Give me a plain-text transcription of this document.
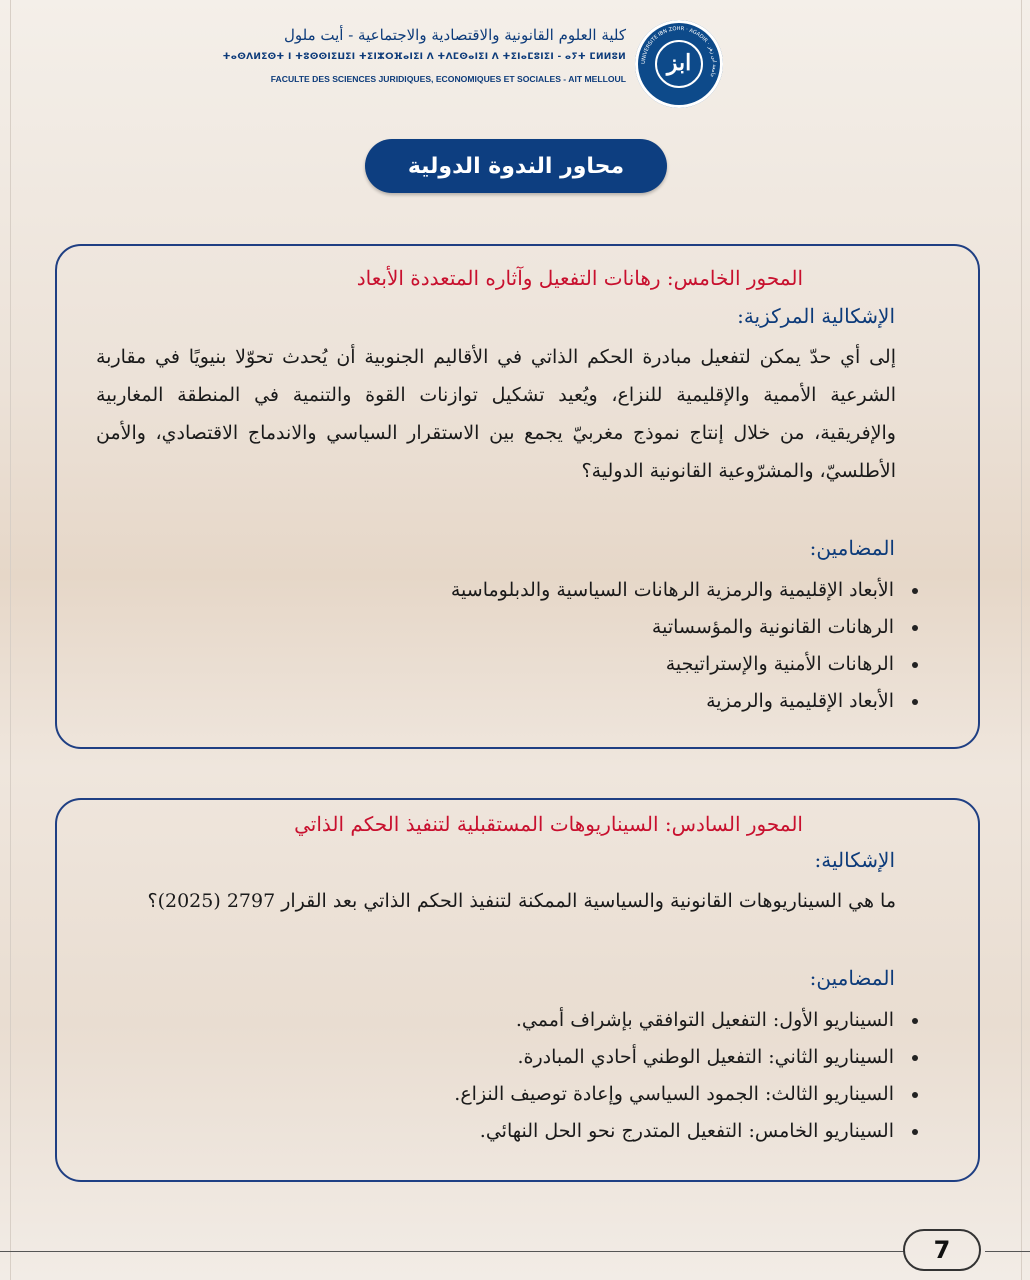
كلية العلوم القانونية والاقتصادية والاجتماعية - أيت ملول
ⵜⴰⵙⴷⵍⵉⵙⵜ ⵏ ⵜⵓⵙⵙⵏⵉⵡⵉⵏ ⵜⵉⵏⵣⵔⴼⴰⵏⵉⵏ ⴷ ⵜⴷⵎⵙⴰⵏⵉⵏ ⴷ ⵜⵉⵏⴰⵎⵓⵏⵉⵏ - ⴰⵢⵜ ⵎⵍⵍⵓⵍ
FACULTE DES SCIENCES JURIDIQUES, ECONOMIQUES ET SOCIALES - AIT MELLOUL
UNIVERSITE IBN ZOHR · AGADIR · جامعة ابن زهر
ابز
محاور الندوة الدولية
المحور الخامس: رهانات التفعيل وآثاره المتعددة الأبعاد
الإشكالية المركزية:
إلى أي حدّ يمكن لتفعيل مبادرة الحكم الذاتي في الأقاليم الجنوبية أن يُحدث تحوّلا بنيويًا في مقاربة الشرعية الأممية والإقليمية للنزاع، ويُعيد تشكيل توازنات القوة والتنمية في المنطقة المغاربية والإفريقية، من خلال إنتاج نموذج مغربيّ يجمع بين الاستقرار السياسي والاندماج الاقتصادي، والأمن الأطلسيّ، والمشرّوعية القانونية الدولية؟
المضامين:
الأبعاد الإقليمية والرمزية الرهانات السياسية والدبلوماسية
الرهانات القانونية والمؤسساتية
الرهانات الأمنية والإستراتيجية
الأبعاد الإقليمية والرمزية
المحور السادس: السيناريوهات المستقبلية لتنفيذ الحكم الذاتي
الإشكالية:
ما هي السيناريوهات القانونية والسياسية الممكنة لتنفيذ الحكم الذاتي بعد القرار 2797 (2025)؟
المضامين:
السيناريو الأول: التفعيل التوافقي بإشراف أممي.
السيناريو الثاني: التفعيل الوطني أحادي المبادرة.
السيناريو الثالث: الجمود السياسي وإعادة توصيف النزاع.
السيناريو الخامس: التفعيل المتدرج نحو الحل النهائي.
7
